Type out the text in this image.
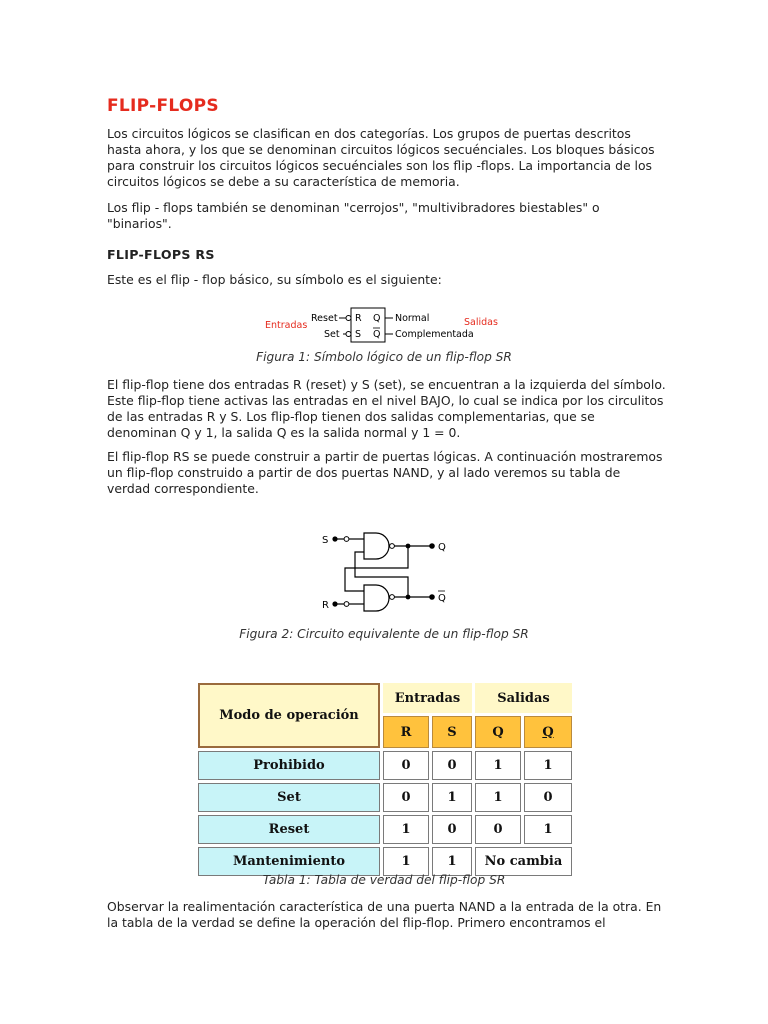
FLIP-FLOPS

Los circuitos lógicos se clasifican en dos categorías. Los grupos de puertas descritos hasta ahora, y los que se denominan circuitos lógicos secuénciales. Los bloques básicos para construir los circuitos lógicos secuénciales son los flip -flops. La importancia de los circuitos lógicos se debe a su característica de memoria.

Los flip - flops también se denominan "cerrojos", "multivibradores biestables" o "binarios".

FLIP-FLOPS RS

Este es el flip - flop básico, su símbolo es el siguiente:

Entradas
Reset
Set
R
S
Q
Q
Normal
Complementada
Salidas

Figura 1: Símbolo lógico de un flip-flop SR

El flip-flop tiene dos entradas R (reset) y S (set), se encuentran a la izquierda del símbolo. Este flip-flop tiene activas las entradas en el nivel BAJO, lo cual se indica por los circulitos de las entradas R y S. Los flip-flop tienen dos salidas complementarias, que se denominan Q y 1, la salida Q es la salida normal y 1 = 0.

El flip-flop RS se puede construir a partir de puertas lógicas. A continuación mostraremos un flip-flop construido a partir de dos puertas NAND, y al lado veremos su tabla de verdad correspondiente.

S
R
Q
Q

Figura 2: Circuito equivalente de un flip-flop SR

Modo de operación	Entradas		Salidas	
	R	S	Q	Q
Prohibido	0	0	1	1
Set	0	1	1	0
Reset	1	0	0	1
Mantenimiento	1	1	No cambia	

Tabla 1: Tabla de verdad del flip-flop SR

Observar la realimentación característica de una puerta NAND a la entrada de la otra. En la tabla de la verdad se define la operación del flip-flop. Primero encontramos el
